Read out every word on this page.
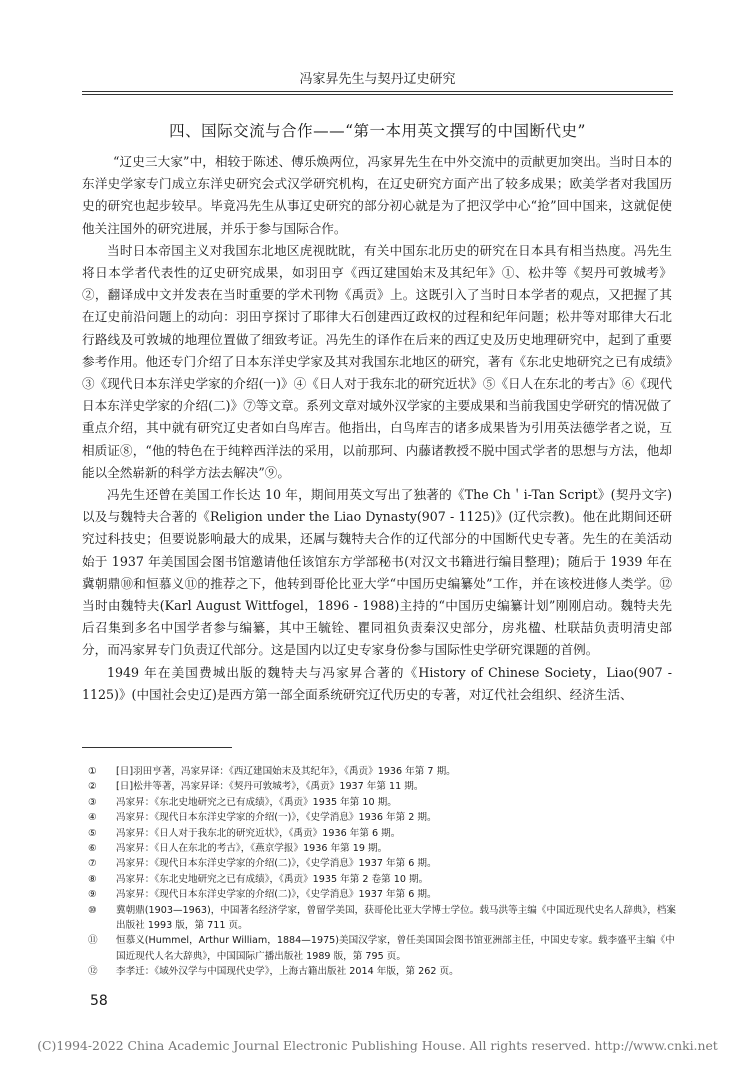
冯家昇先生与契丹辽史研究
四、国际交流与合作——“第一本用英文撰写的中国断代史”

“辽史三大家”中，相较于陈述、傅乐焕两位，冯家昇先生在中外交流中的贡献更加突出。当时日本的东洋史学家专门成立东洋史研究会式汉学研究机构，在辽史研究方面产出了较多成果；欧美学者对我国历史的研究也起步较早。毕竟冯先生从事辽史研究的部分初心就是为了把汉学中心“抢”回中国来，这就促使他关注国外的研究进展，并乐于参与国际合作。

当时日本帝国主义对我国东北地区虎视眈眈，有关中国东北历史的研究在日本具有相当热度。冯先生将日本学者代表性的辽史研究成果，如羽田亨《西辽建国始末及其纪年》①、松井等《契丹可敦城考》②，翻译成中文并发表在当时重要的学术刊物《禹贡》上。这既引入了当时日本学者的观点，又把握了其在辽史前沿问题上的动向：羽田亨探讨了耶律大石创建西辽政权的过程和纪年问题；松井等对耶律大石北行路线及可敦城的地理位置做了细致考证。冯先生的译作在后来的西辽史及历史地理研究中，起到了重要参考作用。他还专门介绍了日本东洋史学家及其对我国东北地区的研究，著有《东北史地研究之已有成绩》③《现代日本东洋史学家的介绍(一)》④《日人对于我东北的研究近状》⑤《日人在东北的考古》⑥《现代日本东洋史学家的介绍(二)》⑦等文章。系列文章对域外汉学家的主要成果和当前我国史学研究的情况做了重点介绍，其中就有研究辽史者如白鸟库吉。他指出，白鸟库吉的诸多成果皆为引用英法德学者之说，互相质证⑧，“他的特色在于纯粹西洋法的采用，以前那珂、内藤诸教授不脱中国式学者的思想与方法，他却能以全然崭新的科学方法去解决”⑨。

冯先生还曾在美国工作长达 10 年，期间用英文写出了独著的《The Ch＇i-Tan Script》(契丹文字)以及与魏特夫合著的《Religion under the Liao Dynasty(907 - 1125)》(辽代宗教)。他在此期间还研究过科技史；但要说影响最大的成果，还属与魏特夫合作的辽代部分的中国断代史专著。先生的在美活动始于 1937 年美国国会图书馆邀请他任该馆东方学部秘书(对汉文书籍进行编目整理)；随后于 1939 年在冀朝鼎⑩和恒慕义⑪的推荐之下，他转到哥伦比亚大学“中国历史编纂处”工作，并在该校进修人类学。⑫当时由魏特夫(Karl August Wittfogel，1896 - 1988)主持的“中国历史编纂计划”刚刚启动。魏特夫先后召集到多名中国学者参与编纂，其中王毓铨、瞿同祖负责秦汉史部分，房兆楹、杜联喆负责明清史部分，而冯家昇专门负责辽代部分。这是国内以辽史专家身份参与国际性史学研究课题的首例。

1949 年在美国费城出版的魏特夫与冯家昇合著的《History of Chinese Society，Liao(907 - 1125)》(中国社会史辽)是西方第一部全面系统研究辽代历史的专著，对辽代社会组织、经济生活、

①	[日]羽田亨著，冯家昇译：《西辽建国始末及其纪年》，《禹贡》1936 年第 7 期。
②	[日]松井等著，冯家昇译：《契丹可敦城考》，《禹贡》1937 年第 11 期。
③	冯家昇：《东北史地研究之已有成绩》，《禹贡》1935 年第 10 期。
④	冯家昇：《现代日本东洋史学家的介绍(一)》，《史学消息》1936 年第 2 期。
⑤	冯家昇：《日人对于我东北的研究近状》，《禹贡》1936 年第 6 期。
⑥	冯家昇：《日人在东北的考古》，《燕京学报》1936 年第 19 期。
⑦	冯家昇：《现代日本东洋史学家的介绍(二)》，《史学消息》1937 年第 6 期。
⑧	冯家昇：《东北史地研究之已有成绩》，《禹贡》1935 年第 2 卷第 10 期。
⑨	冯家昇：《现代日本东洋史学家的介绍(二)》，《史学消息》1937 年第 6 期。
⑩	冀朝鼎(1903—1963)，中国著名经济学家，曾留学美国，获哥伦比亚大学博士学位。载马洪等主编《中国近现代史名人辞典》，档案出版社 1993 版，第 711 页。
⑪	恒慕义(Hummel，Arthur William，1884—1975)美国汉学家，曾任美国国会图书馆亚洲部主任，中国史专家。载李盛平主编《中国近现代人名大辞典》，中国国际广播出版社 1989 版，第 795 页。
⑫	李孝迁：《域外汉学与中国现代史学》，上海古籍出版社 2014 年版，第 262 页。
58
(C)1994-2022 China Academic Journal Electronic Publishing House. All rights reserved. http://www.cnki.net
